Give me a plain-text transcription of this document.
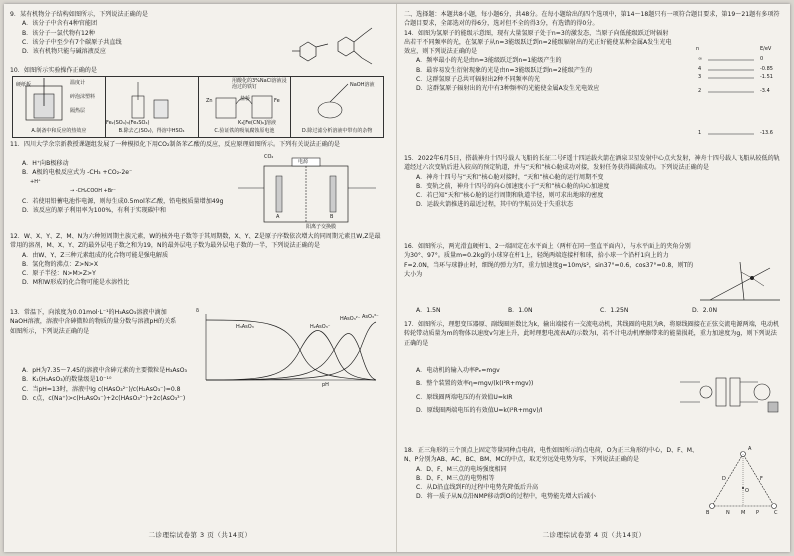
9．某有机物分子结构如图所示，下列说法正确的是

A．该分子中含有4种官能团

B．该分子一氯代物有12种

C．该分子中至少有7个碳原子共直线

D．该有机物只能与碱溶液反应

10．如图所示实验操作正确的是

A.制备中和反应的热效应	B.除去乙(SO₂)，得溶中HSO₄	C.验证铁的吸氧腐蚀原电池	D.除过滤分析溶液中带有的杂物
温度计
碎泡沫塑料
隔热层
硬纸板
Fe₂(SO₄)₃(Fe₂SO₄)
用酸化的3%NaCl溶液浸泡过的铁钉
盐桥
Zn	Fe
K₃[Fe(CN)₆]溶液
NaOH溶液

11．四川大学余宗新教授课题组发展了一种模拟化下用CO₂制备苯乙酸的反应，反应原理如图所示。下列有关说法正确的是

A．H⁺向B极移动

B．A极的电极反应式为 -CH₃ +CO₂-2e⁻

+H⁺

→ -CH₂COOH +Br⁻

C．若使用铅蓄电池作电源，则每生成0.5mol苯乙酸，铅电极质量增加49g

D．该反应的原子利用率为100%，有利于实现碳中和

电源
CO₂
A	B
阳离子交换膜

12．W、X、Y、Z、M、N为六种短周期主族元素，W的核外电子数等于其周期数，X、Y、Z是原子序数依次增大的同周期元素且W,Z是最常用的溶剂，M、X、Y、Z的最外层电子数之和为19，N的最外层电子数为最外层电子数的一半，下列说法正确的是

A．由W、Y、Z三种元素组成的化合物可能是强电解质

B．氢化物的沸点：Z>N>X

C．原子半径：N>M>Z>Y

D．M和W形成的化合物可能是水溶性比

13．常温下，向浓度为0.01mol·L⁻¹的H₃AsO₃溶液中滴加NaOH溶液，溶液中含砷微粒的物质的量分数与溶液pH的关系如图所示，下列说法正确的是

A．pH为7.35～7.45的溶液中含砷元素的主要微粒是H₃AsO₃

B．K₁(H₃AsO₃)的数量级是10⁻¹⁰

C．当pH=13时，溶液中Ig c(HAsO₃²⁻)/c(H₂AsO₃⁻)=0.8

D．c点，c(Na⁺)>c(H₂AsO₃⁻)+2c(HAsO₃²⁻)+2c(AsO₃³⁻)

H₃AsO₃	H₂AsO₃⁻
HAsO₃²⁻ AsO₃³⁻
pH
δ
二诊理综试卷第 3 页（共14页）

二、选择题：本题共8小题，每小题6分，共48分。在每小题给出的四个选项中，第14～18题只有一项符合题目要求，第19～21题有多项符合题目要求，全部选对的得6分，选对但不全的得3分，有选错的得0分。

14．如图为氢原子的能级示意图，现有大量氢原子处于n=3的激发态，当原子向低能级跃迁时辐射出若干不同频率的光，在氢原子从n=3能级跃迁到n=2能级辐射出的光正好能使某种金属A发生光电效应，则下列说法正确的是

A．频率最小的光是由n=3能级跃迁到n=1能级产生的

B．最容易发生衍射现象的光是由n=3能级跃迁到n=2能级产生的

C．这群氢原子总共可辐射出2种不同频率的光

D．这群氢原子辐射出的光中有3种频率的光能使金属A发生光电效应

n	E/eV
∞	0
4	-0.85
3	-1.51
2	-3.4
1	-13.6

15．2022年6月5日，搭载神舟十四号载人飞船的长征二号F遥十四运载火箭在酒泉卫星发射中心点火发射，神舟十四号载人飞船从较低的轨道经过六次变轨后进入较高的预定轨道，并与“天和”核心舱成功对接，发射任务获得圆满成功。下列说法正确的是

A．神舟十四号与“天和”核心舱对接时，“天和”核心舱的运行周期不变

B．变轨之前，神舟十四号的向心加速度小于“天和”核心舱的向心加速度

C．若已知“天和”核心舱的运行周期和轨道半径，则可求出地球的密度

D．运载火箭推进的最近过程，其中的宇航员处于失重状态

16．如图所示，两光滑直硬杆1、2一端固定在水平面上（两杆在同一竖直平面内），与水平面上的夹角分别为30°、97°。质量m=0.2kg的小球穿在杆1上，轻绳两端连接杆和球，拾小球一个沿杆1向上的力F=2.0N，当环与球静止时，细绳的弹力为T，重力加速度g=10m/s²，sin37°=0.6，cos37°=0.8，则T的大小为

A．1.5N	B．1.0N	C．1.25N	D．2.0N

17．如图所示，理想变压器原、副线圈匝数比为k，输出端接有一交流电动机，其线圈的电阻为R，将原线圈接在正弦交流电源两端，电动机转轮带动质量为m的物体以速度v匀速上升，此时理想电流表A的示数为I，若不计电动机摩擦带来的能量损耗，重力加速度为g，则下列说法正确的是

A．电动机的输入功率Pₑ=mgv

B．整个装置的效率η=mgv/(k(I²R+mgv))

C．原线圈两端电压的有效值U=kIR

D．原线圈两端电压的有效值U=k(I²R+mgv)/I

18．正三角形的三个顶点上固定等量同种点电荷，电性如图所示的点电荷，O为正三角形的中心，D、F、M、N、P分别为AB、AC、BC、BM、MC的中点，取无穷远处电势为零，下列说法正确的是

A．D、F、M三点的电场强度相同

B．D、F、M三点的电势相等

C．从D沿直线到F的过程中电势先降低后升高

D．将一质子从N点沿NMP移动到O的过程中，电势能先增大后减小

A
B	C
D	F
O
N M P
二诊理综试卷第 4 页（共14页）
